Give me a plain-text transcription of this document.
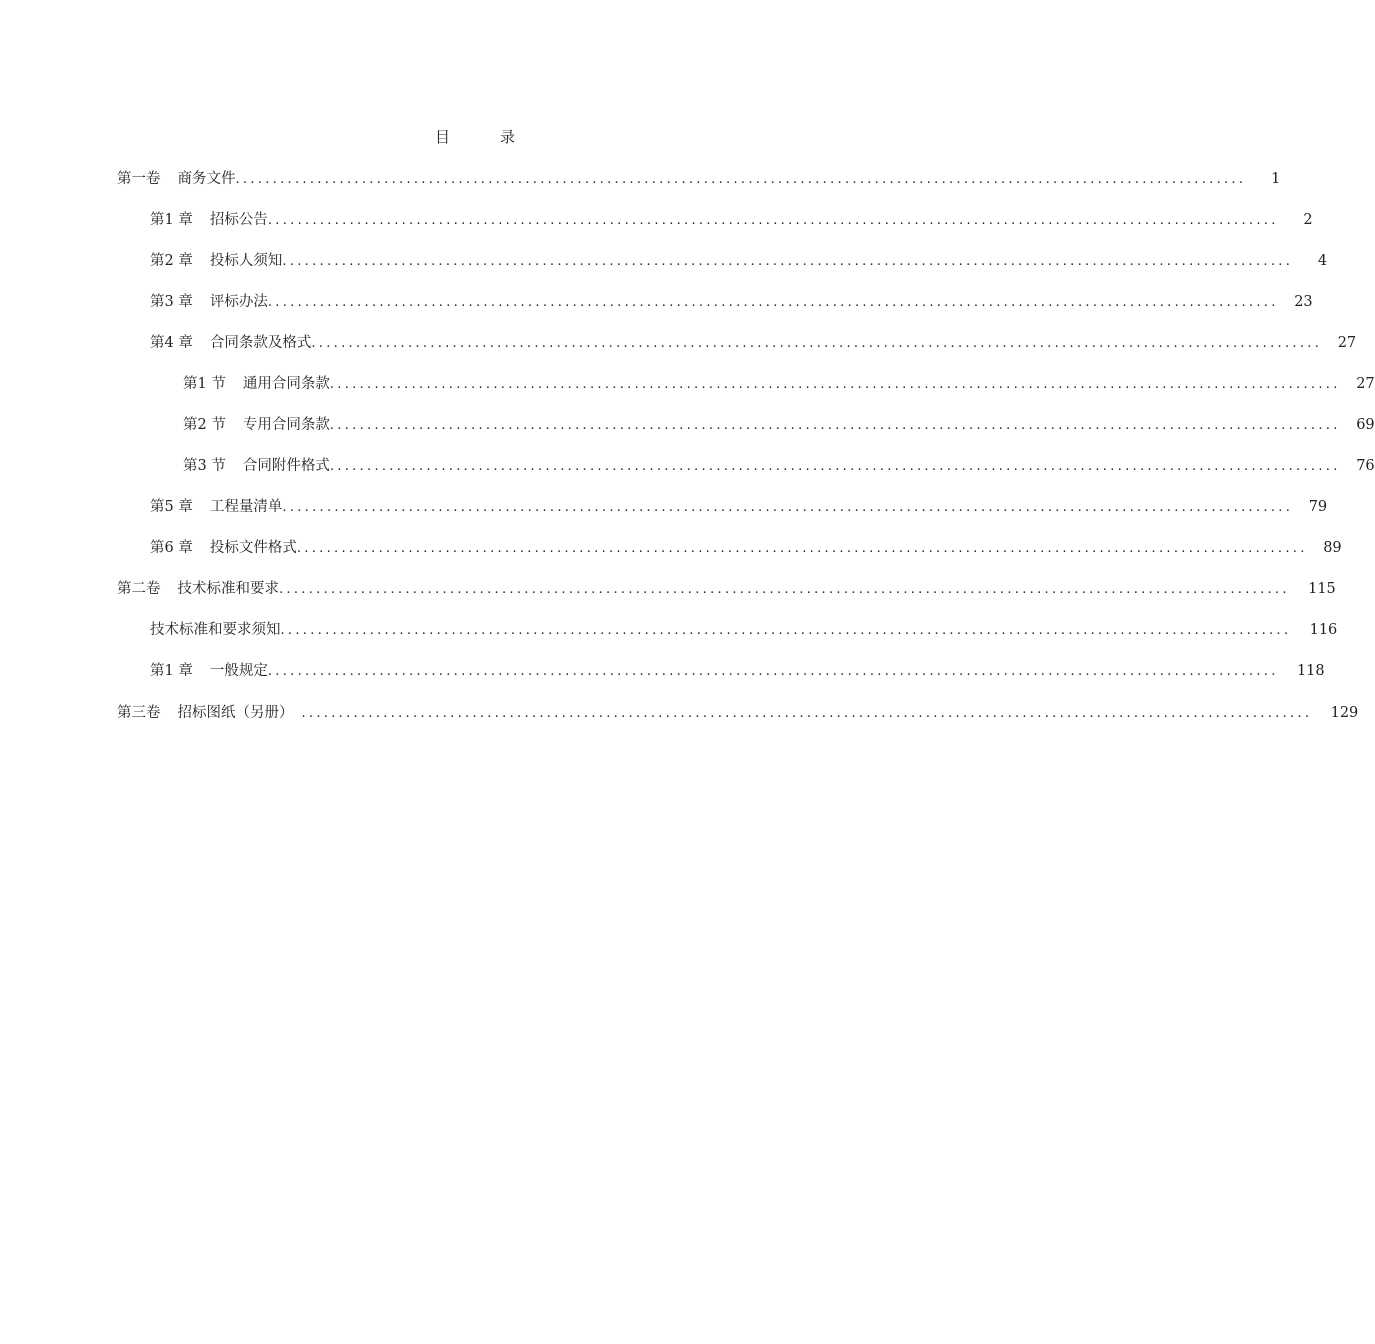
目	录
第一卷 商务文件 ........................................................................................................................................	1
第1 章 招标公告 ........................................................................................................................................	2
第2 章 投标人须知 ........................................................................................................................................	4
第3 章 评标办法 ........................................................................................................................................	23
第4 章 合同条款及格式 ........................................................................................................................................	27
第1 节 通用合同条款 ........................................................................................................................................	27
第2 节 专用合同条款 ........................................................................................................................................	69
第3 节 合同附件格式 ........................................................................................................................................	76
第5 章 工程量清单 ........................................................................................................................................	79
第6 章 投标文件格式 ........................................................................................................................................	89
第二卷 技术标准和要求 ........................................................................................................................................	115
技术标准和要求须知 ........................................................................................................................................	116
第1 章 一般规定 ........................................................................................................................................	118
第三卷 招标图纸（另册） ........................................................................................................................................	129
